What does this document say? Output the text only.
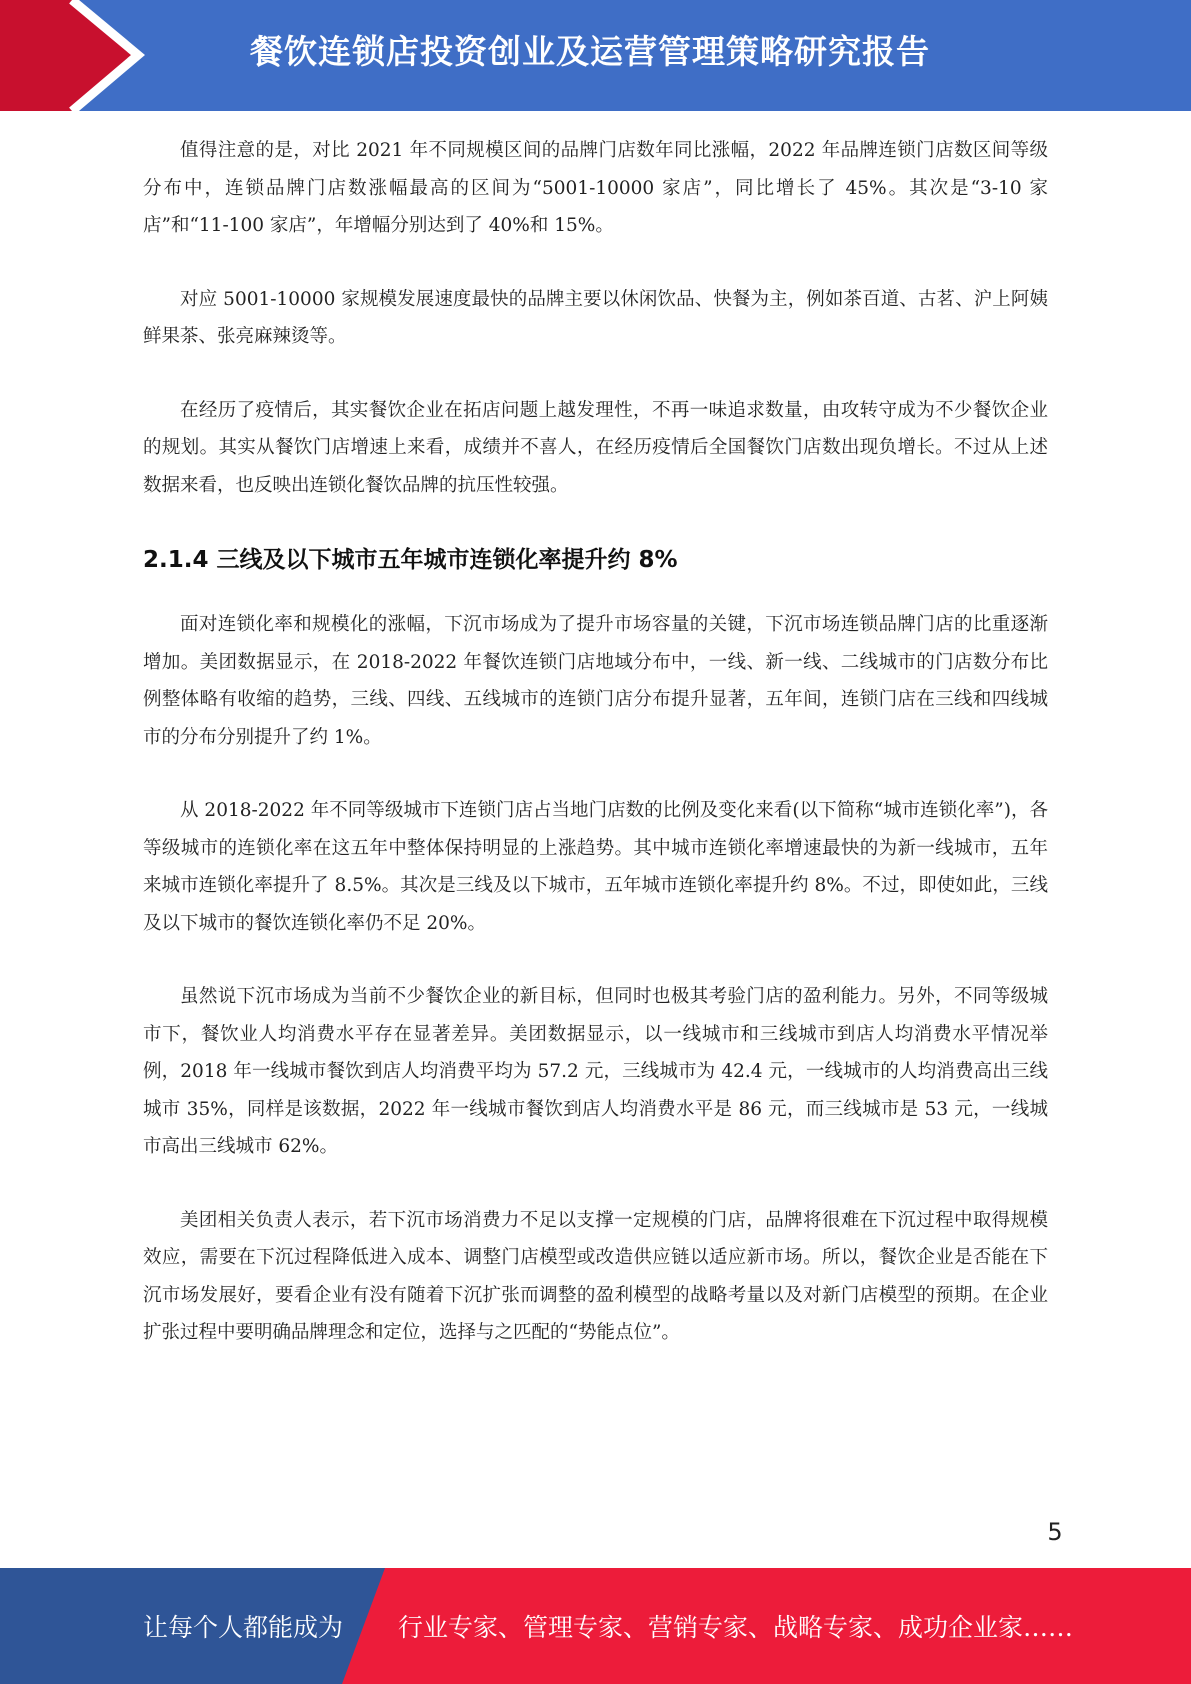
餐饮连锁店投资创业及运营管理策略研究报告

值得注意的是，对比 2021 年不同规模区间的品牌门店数年同比涨幅，2022 年品牌连锁门店数区间等级分布中，连锁品牌门店数涨幅最高的区间为“5001-10000 家店”，同比增长了 45%。其次是“3-10 家店”和“11-100 家店”，年增幅分别达到了 40%和 15%。

对应 5001-10000 家规模发展速度最快的品牌主要以休闲饮品、快餐为主，例如茶百道、古茗、沪上阿姨鲜果茶、张亮麻辣烫等。

在经历了疫情后，其实餐饮企业在拓店问题上越发理性，不再一味追求数量，由攻转守成为不少餐饮企业的规划。其实从餐饮门店增速上来看，成绩并不喜人，在经历疫情后全国餐饮门店数出现负增长。不过从上述数据来看，也反映出连锁化餐饮品牌的抗压性较强。

2.1.4 三线及以下城市五年城市连锁化率提升约 8%

面对连锁化率和规模化的涨幅，下沉市场成为了提升市场容量的关键，下沉市场连锁品牌门店的比重逐渐增加。美团数据显示，在 2018-2022 年餐饮连锁门店地域分布中，一线、新一线、二线城市的门店数分布比例整体略有收缩的趋势，三线、四线、五线城市的连锁门店分布提升显著，五年间，连锁门店在三线和四线城市的分布分别提升了约 1%。

从 2018-2022 年不同等级城市下连锁门店占当地门店数的比例及变化来看(以下简称“城市连锁化率”)，各等级城市的连锁化率在这五年中整体保持明显的上涨趋势。其中城市连锁化率增速最快的为新一线城市，五年来城市连锁化率提升了 8.5%。其次是三线及以下城市，五年城市连锁化率提升约 8%。不过，即使如此，三线及以下城市的餐饮连锁化率仍不足 20%。

虽然说下沉市场成为当前不少餐饮企业的新目标，但同时也极其考验门店的盈利能力。另外，不同等级城市下，餐饮业人均消费水平存在显著差异。美团数据显示，以一线城市和三线城市到店人均消费水平情况举例，2018 年一线城市餐饮到店人均消费平均为 57.2 元，三线城市为 42.4 元，一线城市的人均消费高出三线城市 35%，同样是该数据，2022 年一线城市餐饮到店人均消费水平是 86 元，而三线城市是 53 元，一线城市高出三线城市 62%。

美团相关负责人表示，若下沉市场消费力不足以支撑一定规模的门店，品牌将很难在下沉过程中取得规模效应，需要在下沉过程降低进入成本、调整门店模型或改造供应链以适应新市场。所以，餐饮企业是否能在下沉市场发展好，要看企业有没有随着下沉扩张而调整的盈利模型的战略考量以及对新门店模型的预期。在企业扩张过程中要明确品牌理念和定位，选择与之匹配的“势能点位”。

5
让每个人都能成为 行业专家、管理专家、营销专家、战略专家、成功企业家……
